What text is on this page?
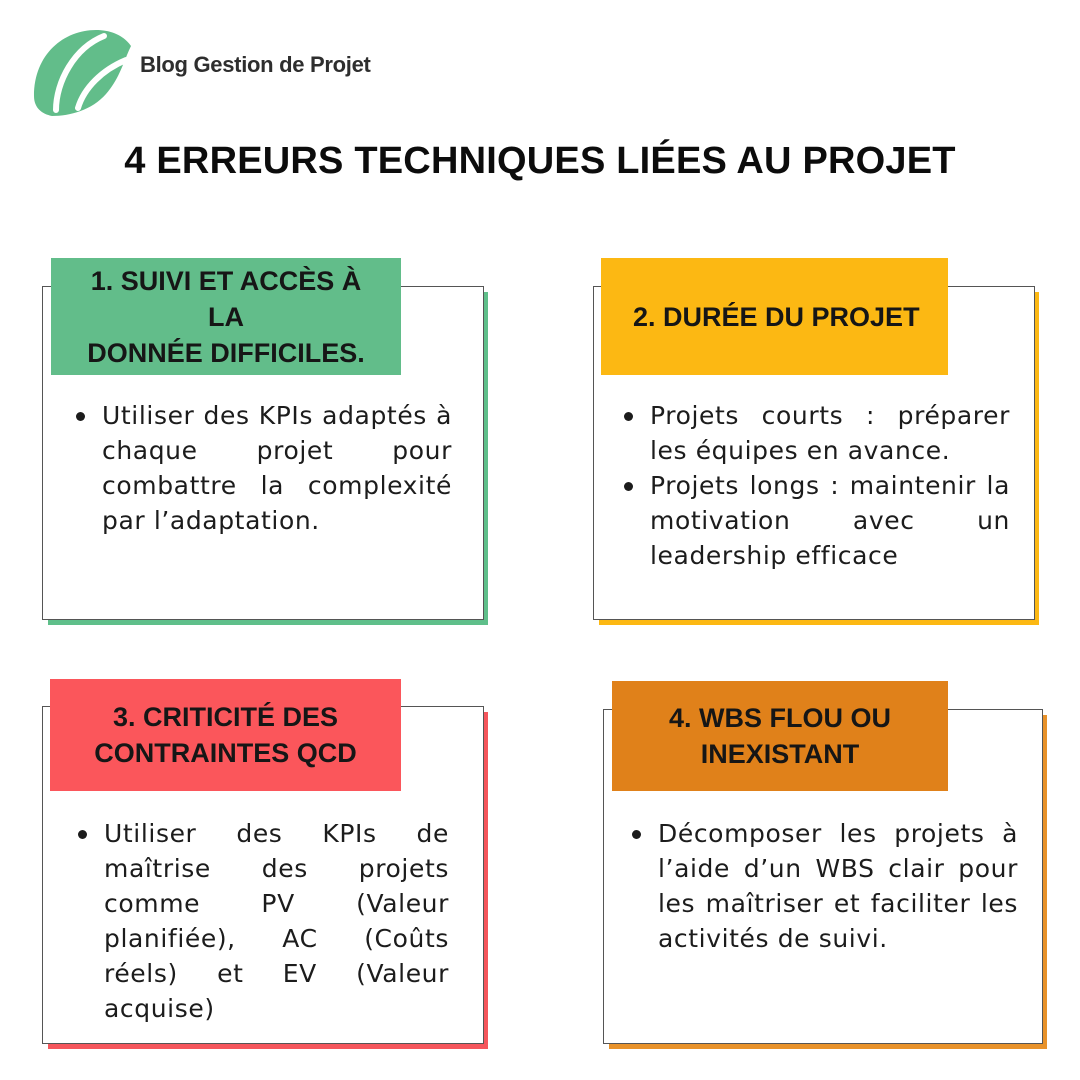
Blog Gestion de Projet
4 ERREURS TECHNIQUES LIÉES AU PROJET
1. SUIVI ET ACCÈS À LA
DONNÉE DIFFICILES.
Utiliser des KPIs adaptés à chaque projet pour combattre la complexité par l’adaptation.
2. DURÉE DU PROJET
Projets courts : préparer les équipes en avance.
Projets longs : maintenir la motivation avec un leadership efficace
3. CRITICITÉ DES
CONTRAINTES QCD
Utiliser des KPIs de maîtrise des projets comme PV (Valeur planifiée), AC (Coûts réels) et EV (Valeur acquise)
4. WBS FLOU OU
INEXISTANT
Décomposer les projets à l’aide d’un WBS clair pour les maîtriser et faciliter les activités de suivi.
